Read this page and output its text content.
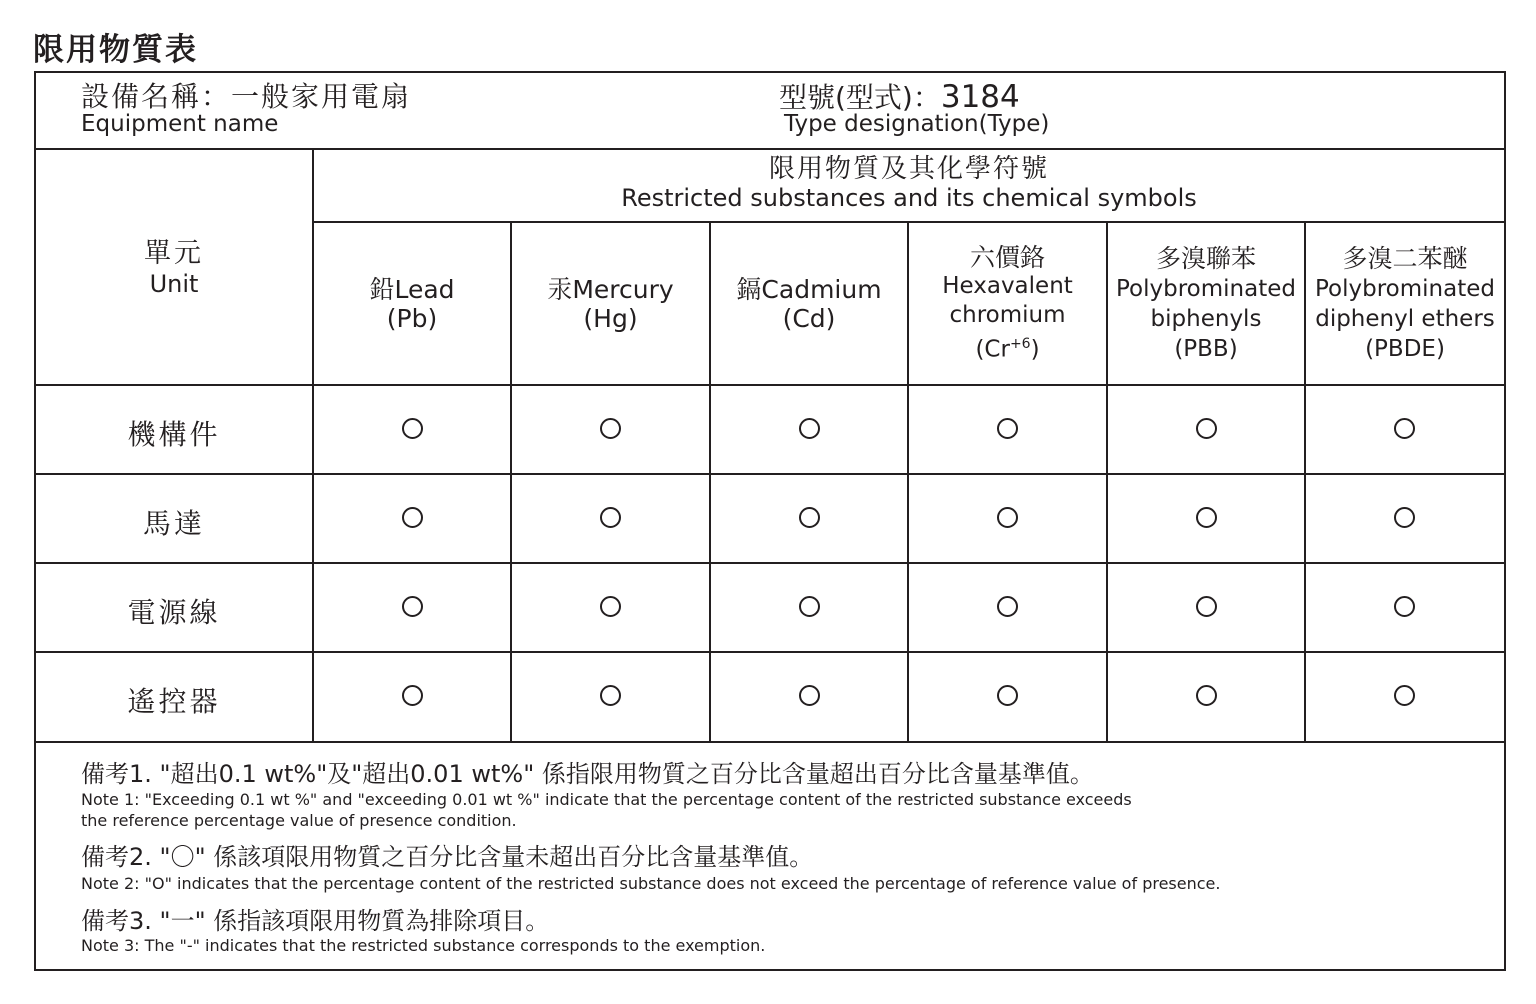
限用物質表
設備名稱：一般家用電扇
Equipment name
型號(型式)：3184
Type designation(Type)
單元
Unit
限用物質及其化學符號
Restricted substances and its chemical symbols
鉛Lead
(Pb)
汞Mercury
(Hg)
鎘Cadmium
(Cd)
六價鉻
Hexavalent
chromium
$(Cr^{+6})$
多溴聯苯
Polybrominated
biphenyls
(PBB)
多溴二苯醚
Polybrominated
diphenyl ethers
(PBDE)
機構件
馬達
電源線
遙控器
備考1. "超出0.1 wt%"及"超出0.01 wt%" 係指限用物質之百分比含量超出百分比含量基準值。
Note 1: "Exceeding 0.1 wt %" and "exceeding 0.01 wt %" indicate that the percentage content of the restricted substance exceeds
the reference percentage value of presence condition.
備考2. "〇" 係該項限用物質之百分比含量未超出百分比含量基準值。
Note 2: "O" indicates that the percentage content of the restricted substance does not exceed the percentage of reference value of presence.
備考3. "一" 係指該項限用物質為排除項目。
Note 3: The "-" indicates that the restricted substance corresponds to the exemption.
